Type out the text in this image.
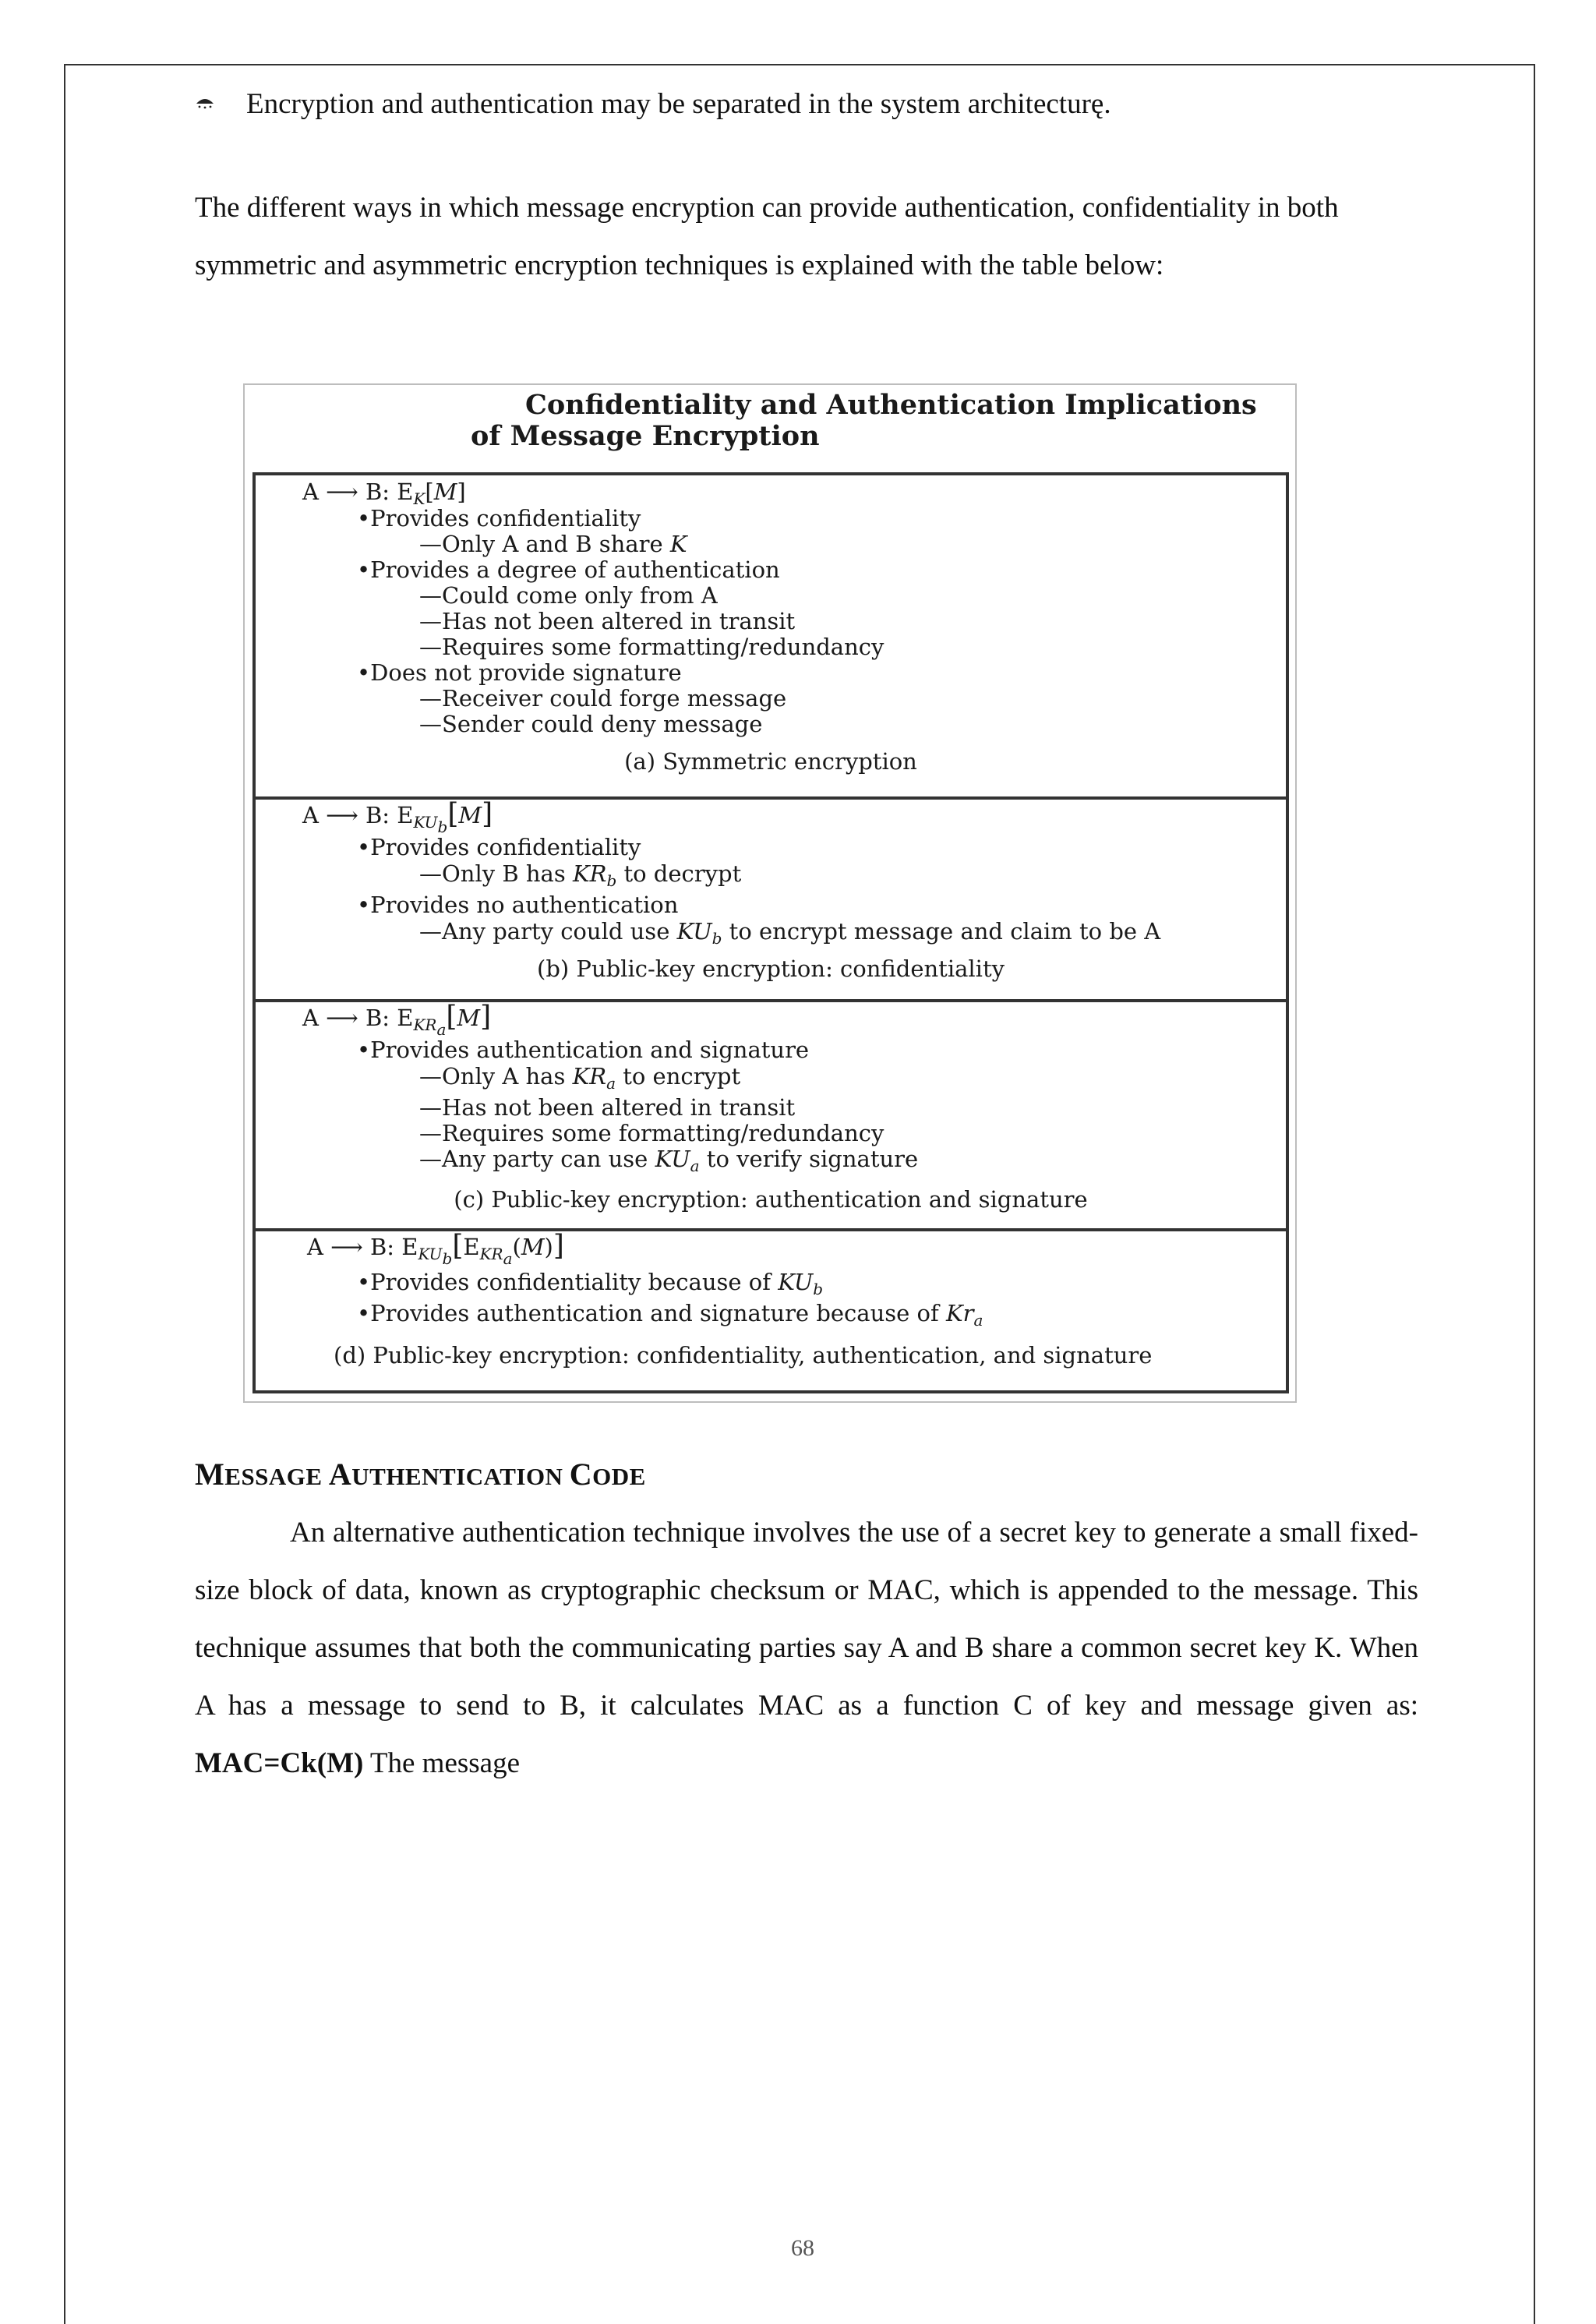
Encryption and authentication may be separated in the system architecturę.
The different ways in which message encryption can provide authentication, confidentiality in both symmetric and asymmetric encryption techniques is explained with the table below:
Confidentiality and Authentication Implications
of Message Encryption
A ⟶ B: $E_K[M]$
•Provides confidentiality
—Only A and B share K
•Provides a degree of authentication
—Could come only from A
—Has not been altered in transit
—Requires some formatting/redundancy
•Does not provide signature
—Receiver could forge message
—Sender could deny message
(a) Symmetric encryption
A ⟶ B: $E_{KU_b}[M]$
•Provides confidentiality
—Only B has $KR_b$ to decrypt
•Provides no authentication
—Any party could use $KU_b$ to encrypt message and claim to be A
(b) Public-key encryption: confidentiality
A ⟶ B: $E_{KR_a}[M]$
•Provides authentication and signature
—Only A has $KR_a$ to encrypt
—Has not been altered in transit
—Requires some formatting/redundancy
—Any party can use $KU_a$ to verify signature
(c) Public-key encryption: authentication and signature
A ⟶ B: $E_{KU_b}[E_{KR_a}(M)]$
•Provides confidentiality because of $KU_b$
•Provides authentication and signature because of $Kr_a$
(d) Public-key encryption: confidentiality, authentication, and signature
MESSAGE AUTHENTICATION CODE
An alternative authentication technique involves the use of a secret key to generate a small fixed-size block of data, known as cryptographic checksum or MAC, which is appended to the message. This technique assumes that both the communicating parties say A and B share a common secret key K. When A has a message to send to B, it calculates MAC as a function C of key and message given as: MAC=Ck(M) The message
68
